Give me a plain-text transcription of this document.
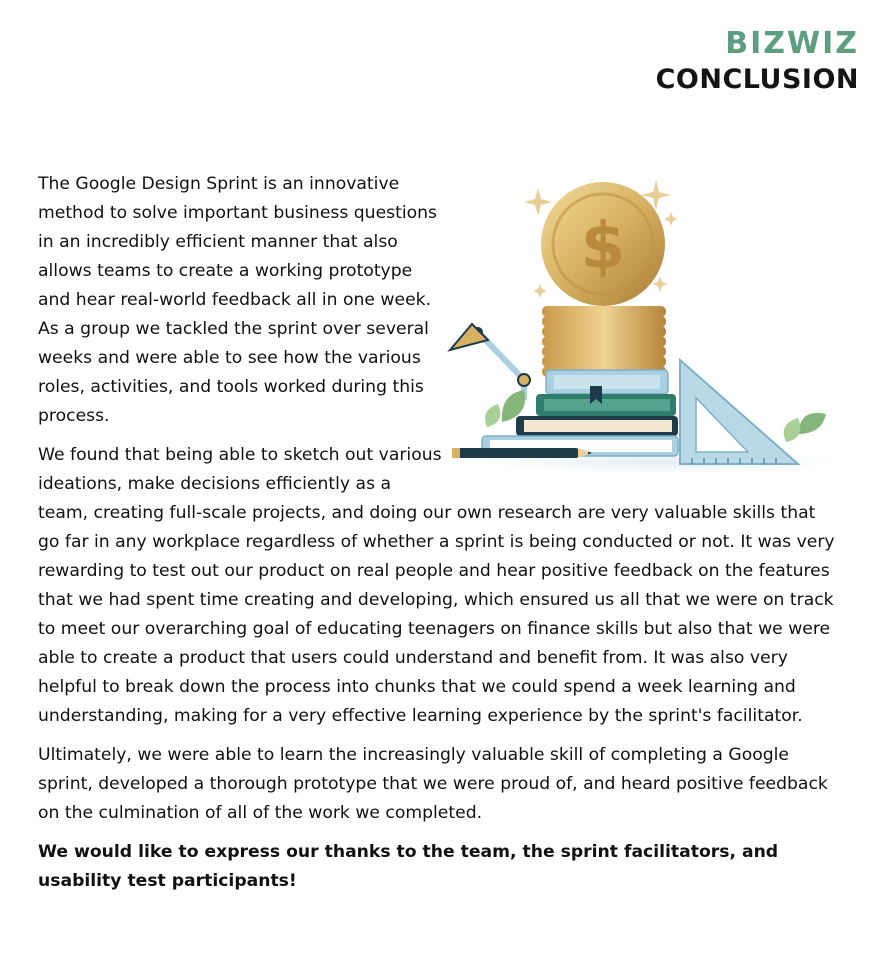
BIZWIZ
CONCLUSION
$

The Google Design Sprint is an innovative method to solve important business questions in an incredibly efficient manner that also allows teams to create a working prototype and hear real-world feedback all in one week. As a group we tackled the sprint over several weeks and were able to see how the various roles, activities, and tools worked during this process.

We found that being able to sketch out various ideations, make decisions efficiently as a team, creating full-scale projects, and doing our own research are very valuable skills that go far in any workplace regardless of whether a sprint is being conducted or not. It was very rewarding to test out our product on real people and hear positive feedback on the features that we had spent time creating and developing, which ensured us all that we were on track to meet our overarching goal of educating teenagers on finance skills but also that we were able to create a product that users could understand and benefit from. It was also very helpful to break down the process into chunks that we could spend a week learning and understanding, making for a very effective learning experience by the sprint's facilitator.

Ultimately, we were able to learn the increasingly valuable skill of completing a Google sprint, developed a thorough prototype that we were proud of, and heard positive feedback on the culmination of all of the work we completed.

We would like to express our thanks to the team, the sprint facilitators, and usability test participants!
